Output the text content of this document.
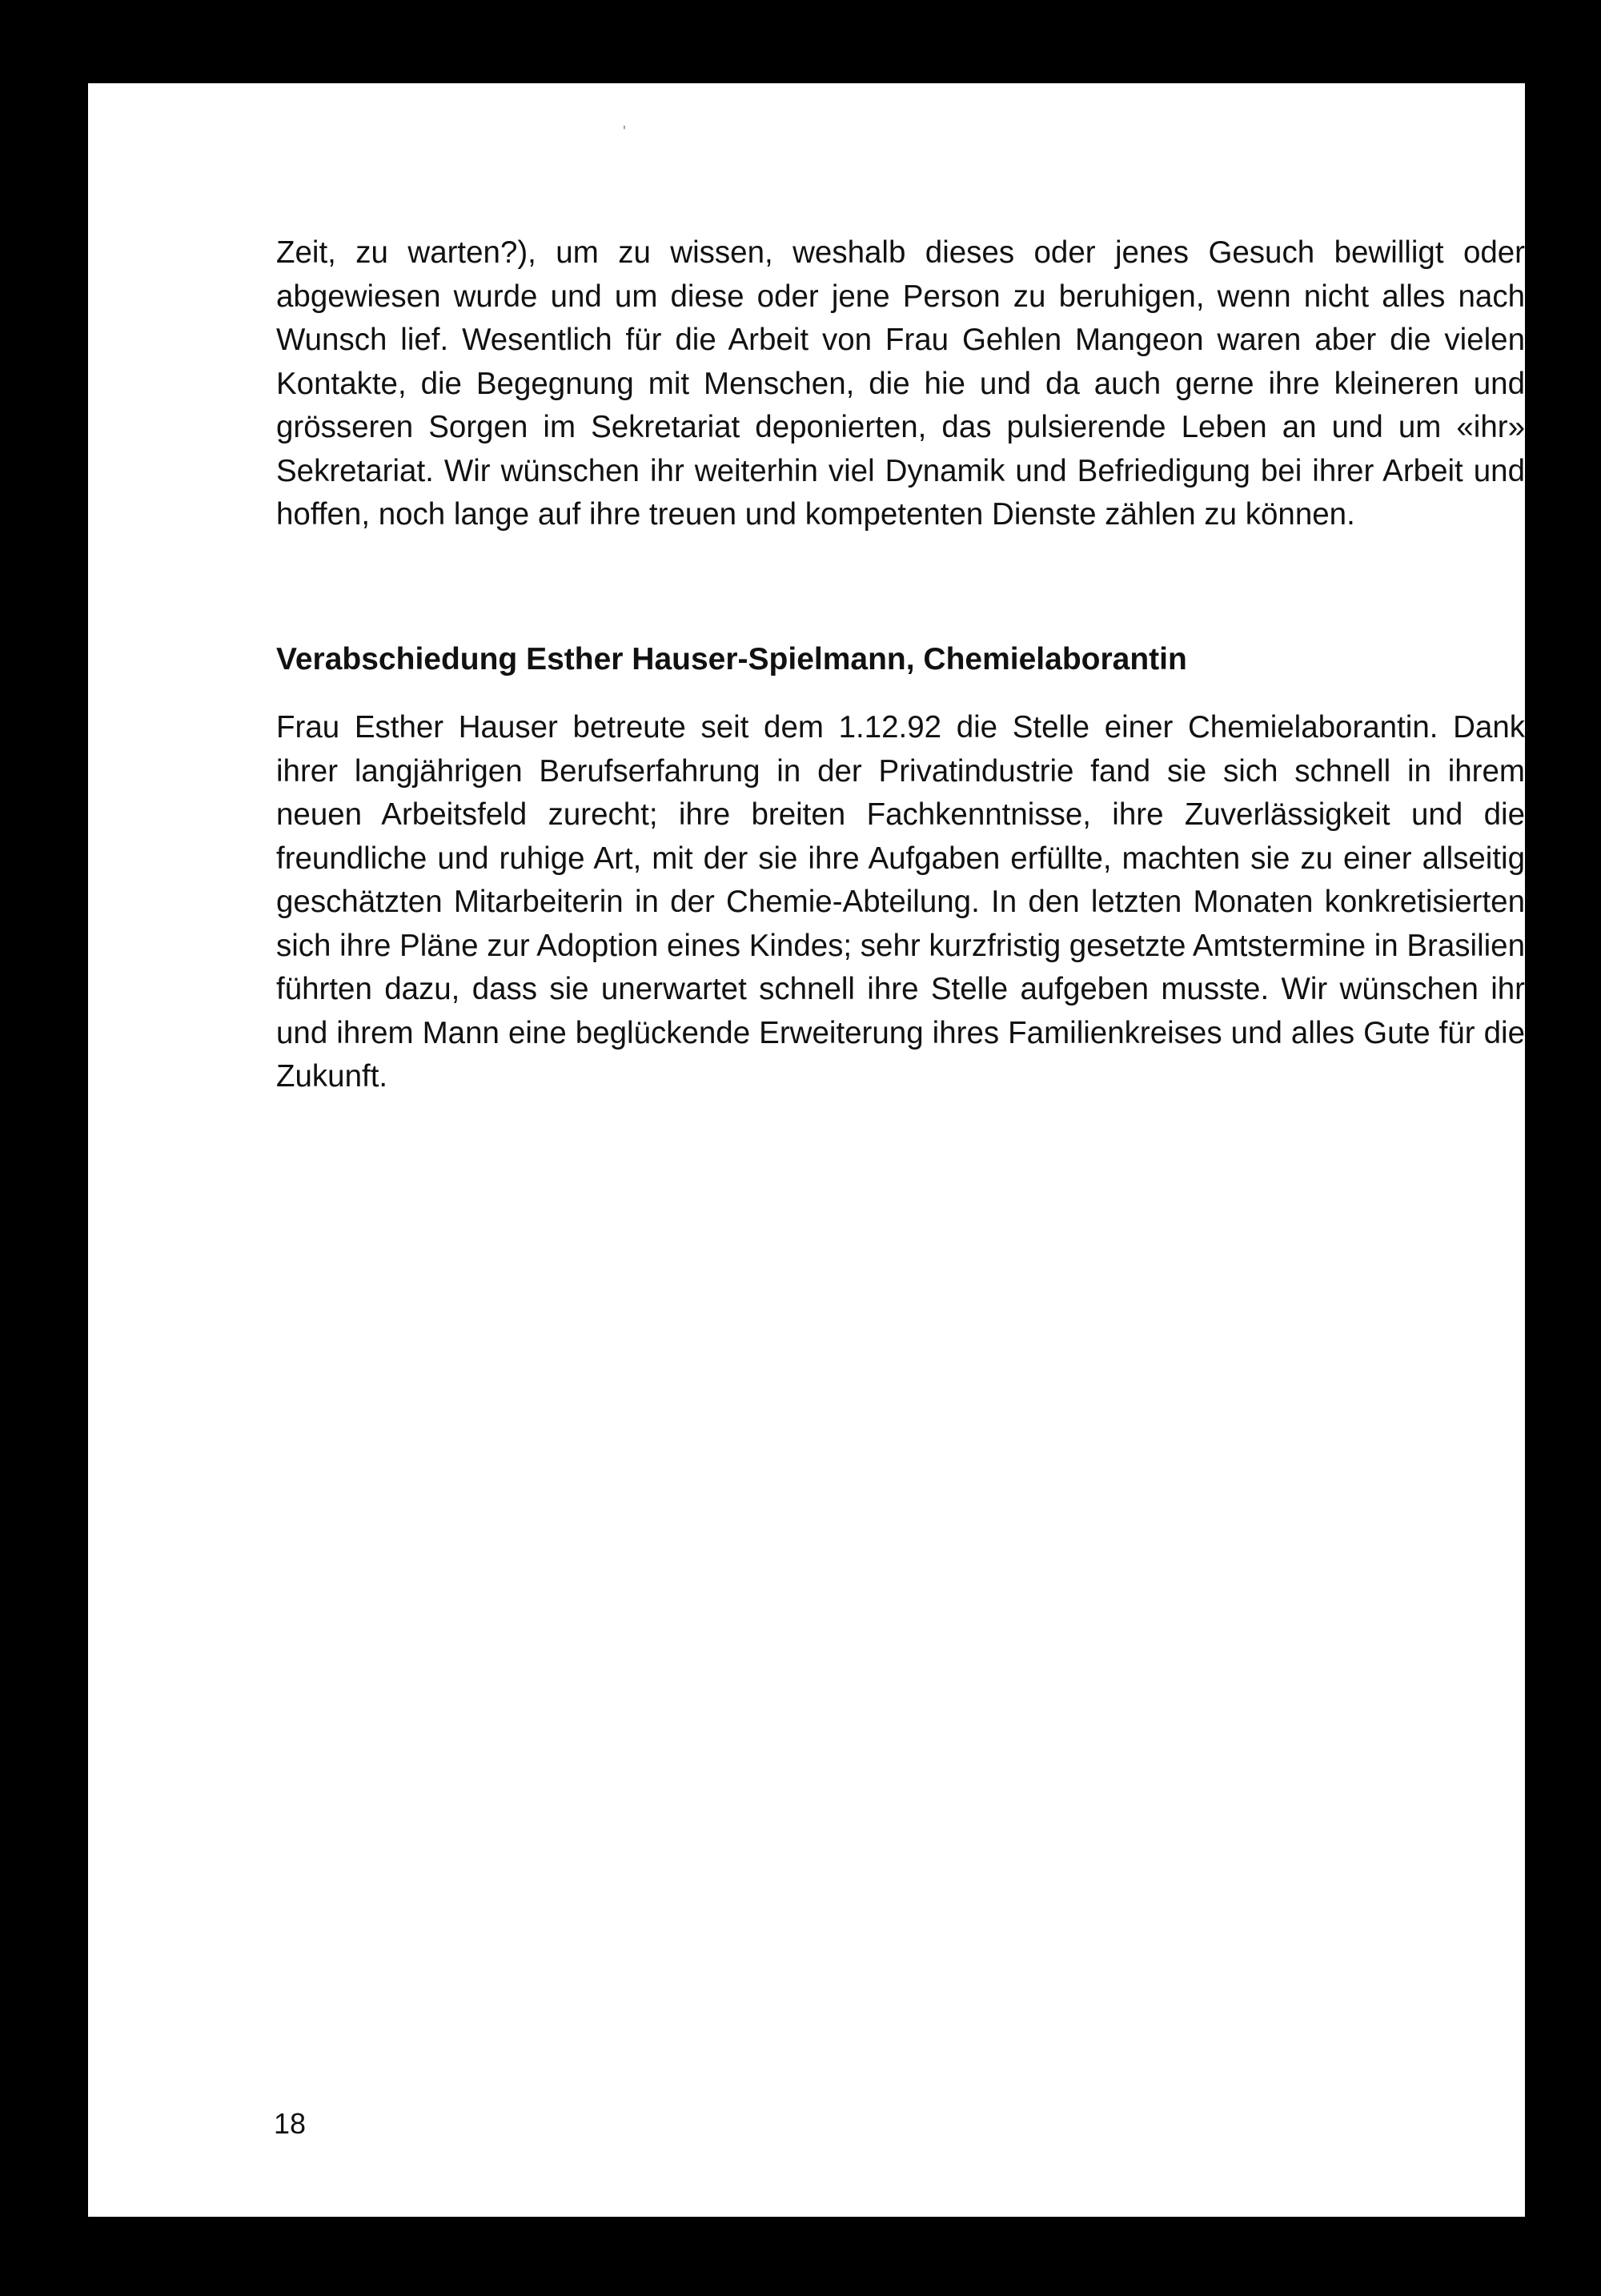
'

Zeit, zu warten?), um zu wissen, weshalb dieses oder jenes Gesuch bewilligt oder abgewiesen wurde und um diese oder jene Person zu beruhigen, wenn nicht alles nach Wunsch lief. Wesentlich für die Arbeit von Frau Gehlen Mangeon waren aber die vielen Kontakte, die Begegnung mit Menschen, die hie und da auch gerne ihre kleineren und grösseren Sorgen im Sekretariat deponierten, das pulsierende Leben an und um «ihr» Sekretariat. Wir wünschen ihr weiterhin viel Dynamik und Befriedigung bei ihrer Arbeit und hoffen, noch lange auf ihre treuen und kompetenten Dienste zählen zu können.

Verabschiedung Esther Hauser-Spielmann, Chemielaborantin

Frau Esther Hauser betreute seit dem 1.12.92 die Stelle einer Chemielaborantin. Dank ihrer langjährigen Berufserfahrung in der Privatindustrie fand sie sich schnell in ihrem neuen Arbeitsfeld zurecht; ihre breiten Fachkenntnisse, ihre Zuverlässigkeit und die freundliche und ruhige Art, mit der sie ihre Aufgaben erfüllte, machten sie zu einer allseitig geschätzten Mitarbeiterin in der Chemie-Abteilung. In den letzten Monaten konkretisierten sich ihre Pläne zur Adoption eines Kindes; sehr kurzfristig gesetzte Amtstermine in Brasilien führten dazu, dass sie unerwartet schnell ihre Stelle aufgeben musste. Wir wünschen ihr und ihrem Mann eine beglückende Erweiterung ihres Familienkreises und alles Gute für die Zukunft.

18
